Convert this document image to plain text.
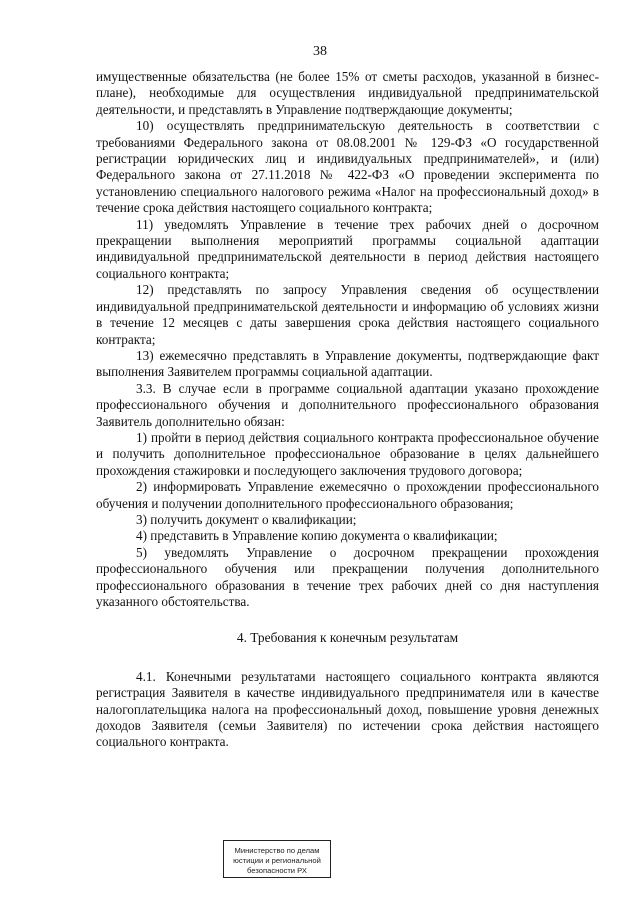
38

имущественные обязательства (не более 15% от сметы расходов, указанной в бизнес-плане), необходимые для осуществления индивидуальной предпринимательской деятельности, и представлять в Управление подтверждающие документы;

10) осуществлять предпринимательскую деятельность в соответствии с требованиями Федерального закона от 08.08.2001 № 129-ФЗ «О государственной регистрации юридических лиц и индивидуальных предпринимателей», и (или) Федерального закона от 27.11.2018 № 422-ФЗ «О проведении эксперимента по установлению специального налогового режима «Налог на профессиональный доход» в течение срока действия настоящего социального контракта;

11) уведомлять Управление в течение трех рабочих дней о досрочном прекращении выполнения мероприятий программы социальной адаптации индивидуальной предпринимательской деятельности в период действия настоящего социального контракта;

12) представлять по запросу Управления сведения об осуществлении индивидуальной предпринимательской деятельности и информацию об условиях жизни в течение 12 месяцев с даты завершения срока действия настоящего социального контракта;

13) ежемесячно представлять в Управление документы, подтверждающие факт выполнения Заявителем программы социальной адаптации.

3.3. В случае если в программе социальной адаптации указано прохождение профессионального обучения и дополнительного профессионального образования Заявитель дополнительно обязан:

1) пройти в период действия социального контракта профессиональное обучение и получить дополнительное профессиональное образование в целях дальнейшего прохождения стажировки и последующего заключения трудового договора;

2) информировать Управление ежемесячно о прохождении профессионального обучения и получении дополнительного профессионального образования;

3) получить документ о квалификации;

4) представить в Управление копию документа о квалификации;

5) уведомлять Управление о досрочном прекращении прохождения профессионального обучения или прекращении получения дополнительного профессионального образования в течение трех рабочих дней со дня наступления указанного обстоятельства.

4. Требования к конечным результатам

4.1. Конечными результатами настоящего социального контракта являются регистрация Заявителя в качестве индивидуального предпринимателя или в качестве налогоплательщика налога на профессиональный доход, повышение уровня денежных доходов Заявителя (семьи Заявителя) по истечении срока действия настоящего социального контракта.

Министерство по делам
юстиции и региональной
безопасности РХ
